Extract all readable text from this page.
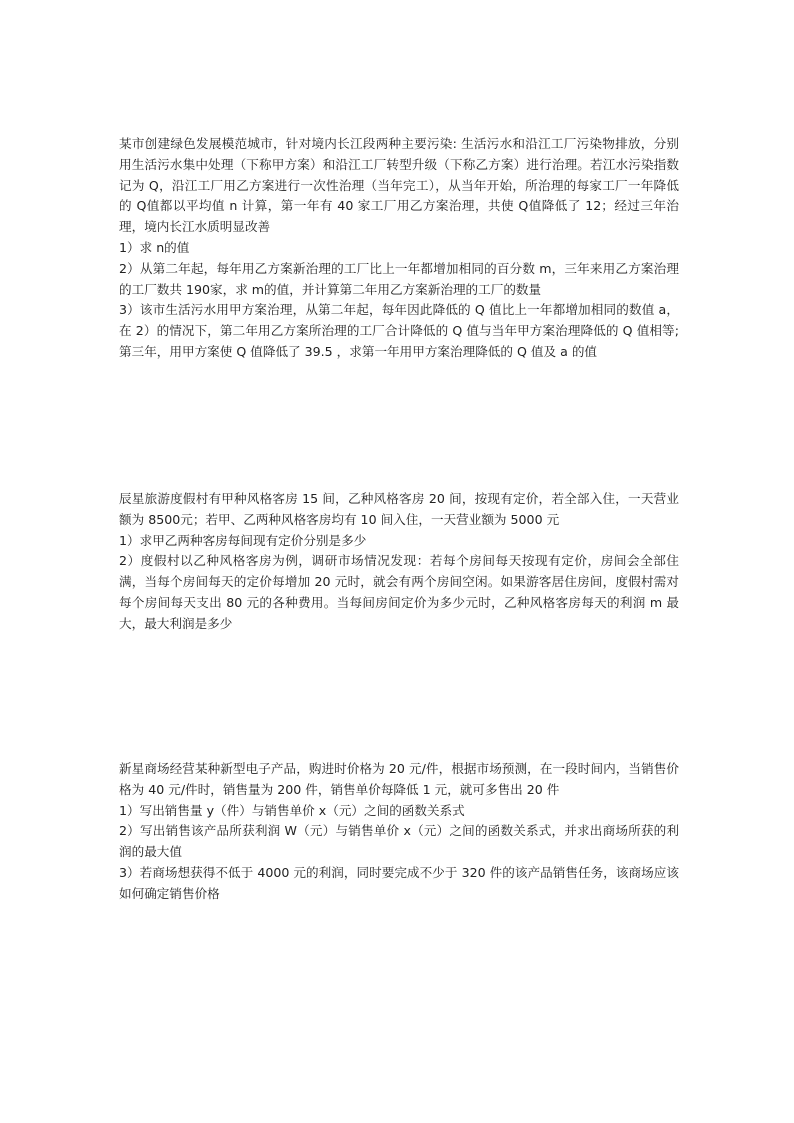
某市创建绿色发展模范城市，针对境内长江段两种主要污染: 生活污水和沿江工厂污染物排放，分别用生活污水集中处理（下称甲方案）和沿江工厂转型升级（下称乙方案）进行治理。若江水污染指数记为 Q，沿江工厂用乙方案进行一次性治理（当年完工），从当年开始，所治理的每家工厂一年降低的 Q值都以平均值 n 计算，第一年有 40 家工厂用乙方案治理，共使 Q值降低了 12；经过三年治理，境内长江水质明显改善

1）求 n的值

2）从第二年起，每年用乙方案新治理的工厂比上一年都增加相同的百分数 m，三年来用乙方案治理的工厂数共 190家，求 m的值，并计算第二年用乙方案新治理的工厂的数量

3）该市生活污水用甲方案治理，从第二年起，每年因此降低的 Q 值比上一年都增加相同的数值 a，在 2）的情况下，第二年用乙方案所治理的工厂合计降低的 Q 值与当年甲方案治理降低的 Q 值相等; 第三年，用甲方案使 Q 值降低了 39.5 ，求第一年用甲方案治理降低的 Q 值及 a 的值

辰星旅游度假村有甲种风格客房 15 间，乙种风格客房 20 间，按现有定价，若全部入住，一天营业额为 8500元；若甲、乙两种风格客房均有 10 间入住，一天营业额为 5000 元

1）求甲乙两种客房每间现有定价分别是多少

2）度假村以乙种风格客房为例，调研市场情况发现：若每个房间每天按现有定价，房间会全部住满，当每个房间每天的定价每增加 20 元时，就会有两个房间空闲。如果游客居住房间，度假村需对每个房间每天支出 80 元的各种费用。当每间房间定价为多少元时，乙种风格客房每天的利润 m 最大，最大利润是多少

新星商场经营某种新型电子产品，购进时价格为 20 元/件，根据市场预测，在一段时间内，当销售价格为 40 元/件时，销售量为 200 件，销售单价每降低 1 元，就可多售出 20 件

1）写出销售量 y（件）与销售单价 x（元）之间的函数关系式

2）写出销售该产品所获利润 W（元）与销售单价 x（元）之间的函数关系式，并求出商场所获的利润的最大值

3）若商场想获得不低于 4000 元的利润，同时要完成不少于 320 件的该产品销售任务，该商场应该如何确定销售价格
